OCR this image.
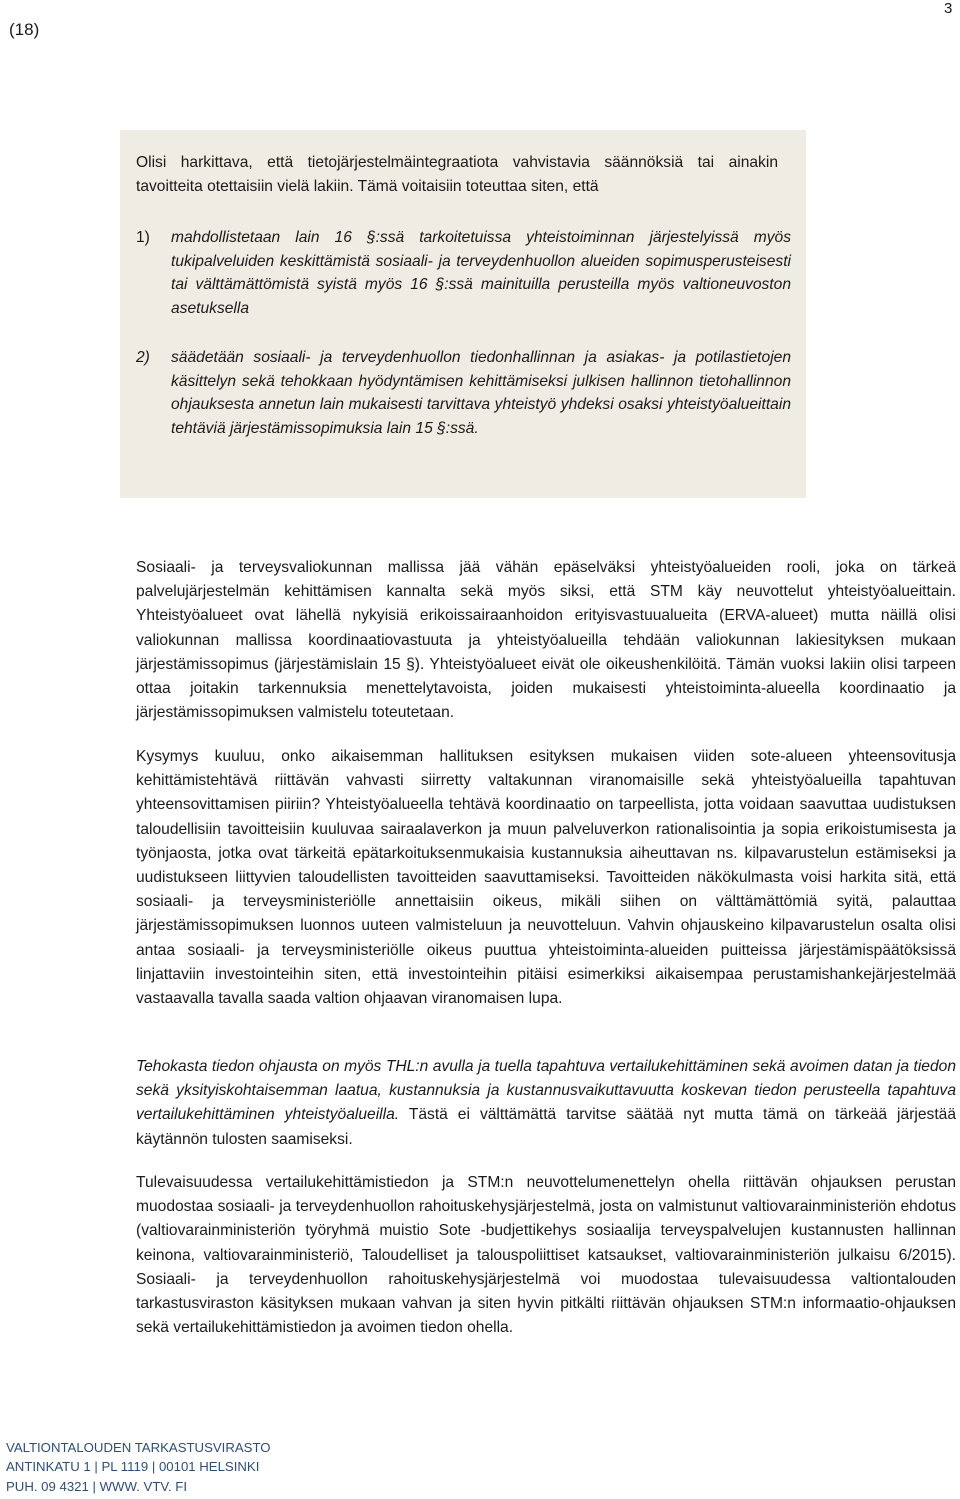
(18)
3

Olisi harkittava, että tietojärjestelmäintegraatiota vahvistavia säännöksiä tai ainakin tavoitteita otettaisiin vielä lakiin. Tämä voitaisiin toteuttaa siten, että

1) mahdollistetaan lain 16 §:ssä tarkoitetuissa yhteistoiminnan järjestelyissä myös tukipalveluiden keskittämistä sosiaali- ja terveydenhuollon alueiden sopimusperusteisesti tai välttämättömistä syistä myös 16 §:ssä mainituilla perusteilla myös valtioneuvoston asetuksella

2) säädetään sosiaali- ja terveydenhuollon tiedonhallinnan ja asiakas- ja potilastietojen käsittelyn sekä tehokkaan hyödyntämisen kehittämiseksi julkisen hallinnon tietohallinnon ohjauksesta annetun lain mukaisesti tarvittava yhteistyö yhdeksi osaksi yhteistyöalueittain tehtäviä järjestämissopimuksia lain 15 §:ssä.

Sosiaali- ja terveysvaliokunnan mallissa jää vähän epäselväksi yhteistyöalueiden rooli, joka on tärkeä palvelujärjestelmän kehittämisen kannalta sekä myös siksi, että STM käy neuvottelut yhteistyöalueittain. Yhteistyöalueet ovat lähellä nykyisiä erikoissairaanhoidon erityisvastuualueita (ERVA-alueet) mutta näillä olisi valiokunnan mallissa koordinaatiovastuuta ja yhteistyöalueilla tehdään valiokunnan lakiesityksen mukaan järjestämissopimus (järjestämislain 15 §). Yhteistyöalueet eivät ole oikeushenkilöitä. Tämän vuoksi lakiin olisi tarpeen ottaa joitakin tarkennuksia menettelytavoista, joiden mukaisesti yhteistoiminta-alueella koordinaatio ja järjestämissopimuksen valmistelu toteutetaan.

Kysymys kuuluu, onko aikaisemman hallituksen esityksen mukaisen viiden sote-alueen yhteensovitusja kehittämistehtävä riittävän vahvasti siirretty valtakunnan viranomaisille sekä yhteistyöalueilla tapahtuvan yhteensovittamisen piiriin? Yhteistyöalueella tehtävä koordinaatio on tarpeellista, jotta voidaan saavuttaa uudistuksen taloudellisiin tavoitteisiin kuuluvaa sairaalaverkon ja muun palveluverkon rationalisointia ja sopia erikoistumisesta ja työnjaosta, jotka ovat tärkeitä epätarkoituksenmukaisia kustannuksia aiheuttavan ns. kilpavarustelun estämiseksi ja uudistukseen liittyvien taloudellisten tavoitteiden saavuttamiseksi. Tavoitteiden näkökulmasta voisi harkita sitä, että sosiaali- ja terveysministeriölle annettaisiin oikeus, mikäli siihen on välttämättömiä syitä, palauttaa järjestämissopimuksen luonnos uuteen valmisteluun ja neuvotteluun. Vahvin ohjauskeino kilpavarustelun osalta olisi antaa sosiaali- ja terveysministeriölle oikeus puuttua yhteistoiminta-alueiden puitteissa järjestämispäätöksissä linjattaviin investointeihin siten, että investointeihin pitäisi esimerkiksi aikaisempaa perustamishankejärjestelmää vastaavalla tavalla saada valtion ohjaavan viranomaisen lupa.

Tehokasta tiedon ohjausta on myös THL:n avulla ja tuella tapahtuva vertailukehittäminen sekä avoimen datan ja tiedon sekä yksityiskohtaisemman laatua, kustannuksia ja kustannusvaikuttavuutta koskevan tiedon perusteella tapahtuva vertailukehittäminen yhteistyöalueilla. Tästä ei välttämättä tarvitse säätää nyt mutta tämä on tärkeää järjestää käytännön tulosten saamiseksi.

Tulevaisuudessa vertailukehittämistiedon ja STM:n neuvottelumenettelyn ohella riittävän ohjauksen perustan muodostaa sosiaali- ja terveydenhuollon rahoituskehysjärjestelmä, josta on valmistunut valtiovarainministeriön ehdotus (valtiovarainministeriön työryhmä muistio Sote -budjettikehys sosiaalija terveyspalvelujen kustannusten hallinnan keinona, valtiovarainministeriö, Taloudelliset ja talouspoliittiset katsaukset, valtiovarainministeriön julkaisu 6/2015). Sosiaali- ja terveydenhuollon rahoituskehysjärjestelmä voi muodostaa tulevaisuudessa valtiontalouden tarkastusviraston käsityksen mukaan vahvan ja siten hyvin pitkälti riittävän ohjauksen STM:n informaatio-ohjauksen sekä vertailukehittämistiedon ja avoimen tiedon ohella.

VALTIONTALOUDEN TARKASTUSVIRASTO
ANTINKATU 1 | PL 1119 | 00101 HELSINKI
PUH. 09 4321 | WWW. VTV. FI
